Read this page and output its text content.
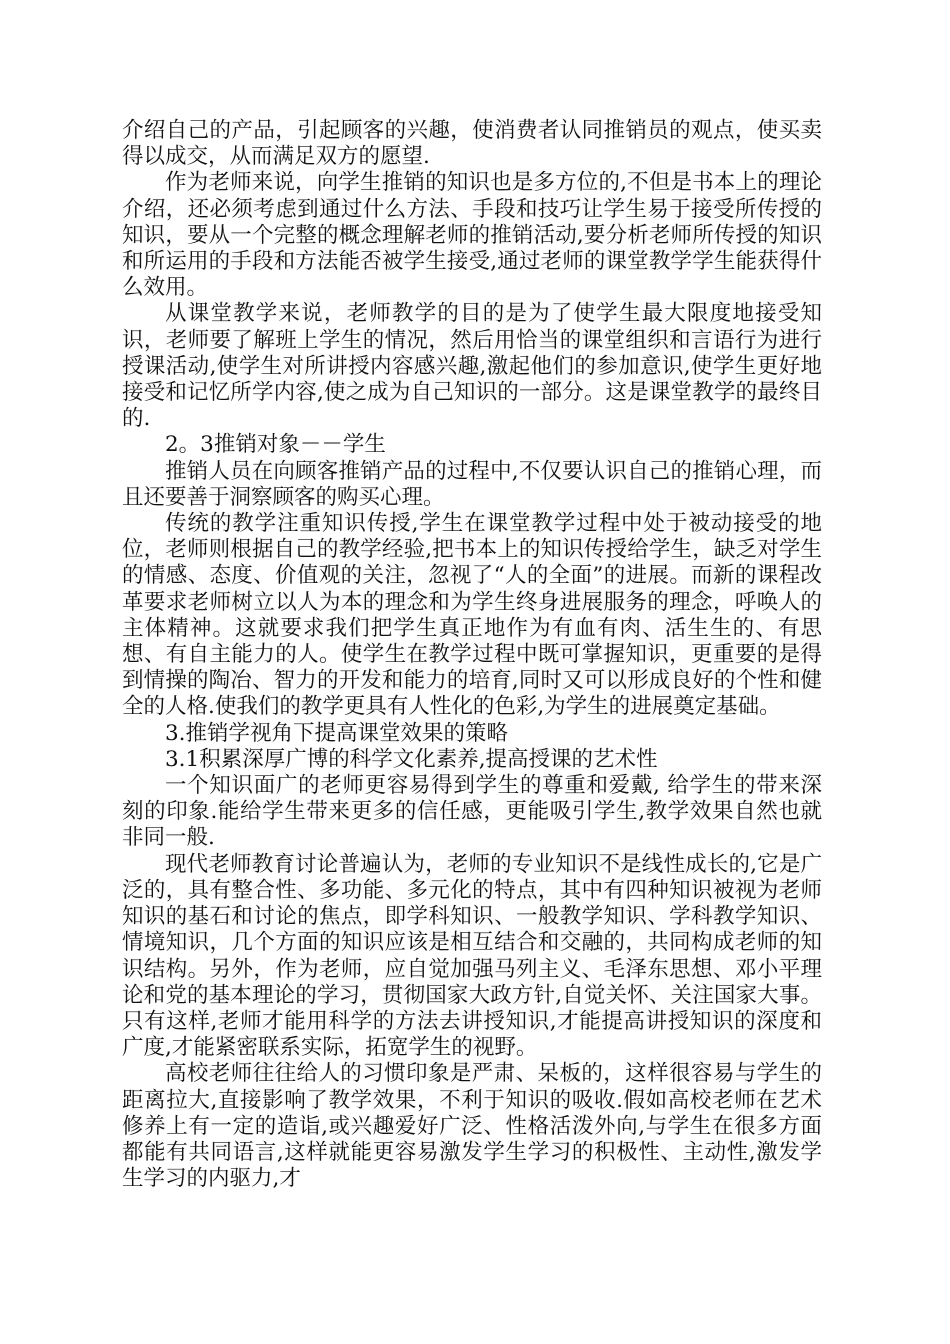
介绍自己的产品，引起顾客的兴趣，使消费者认同推销员的观点，使买卖得以成交，从而满足双方的愿望.

作为老师来说，向学生推销的知识也是多方位的,不但是书本上的理论介绍，还必须考虑到通过什么方法、手段和技巧让学生易于接受所传授的知识，要从一个完整的概念理解老师的推销活动,要分析老师所传授的知识和所运用的手段和方法能否被学生接受,通过老师的课堂教学学生能获得什么效用。

从课堂教学来说，老师教学的目的是为了使学生最大限度地接受知识，老师要了解班上学生的情况，然后用恰当的课堂组织和言语行为进行授课活动,使学生对所讲授内容感兴趣,激起他们的参加意识,使学生更好地接受和记忆所学内容,使之成为自己知识的一部分。这是课堂教学的最终目的.

2。3推销对象－－学生

推销人员在向顾客推销产品的过程中,不仅要认识自己的推销心理，而且还要善于洞察顾客的购买心理。

传统的教学注重知识传授,学生在课堂教学过程中处于被动接受的地位，老师则根据自己的教学经验,把书本上的知识传授给学生，缺乏对学生的情感、态度、价值观的关注，忽视了“人的全面”的进展。而新的课程改革要求老师树立以人为本的理念和为学生终身进展服务的理念，呼唤人的主体精神。这就要求我们把学生真正地作为有血有肉、活生生的、有思想、有自主能力的人。使学生在教学过程中既可掌握知识，更重要的是得到情操的陶冶、智力的开发和能力的培育,同时又可以形成良好的个性和健全的人格.使我们的教学更具有人性化的色彩,为学生的进展奠定基础。

3.推销学视角下提高课堂效果的策略

3.1积累深厚广博的科学文化素养,提高授课的艺术性

一个知识面广的老师更容易得到学生的尊重和爱戴, 给学生的带来深刻的印象.能给学生带来更多的信任感，更能吸引学生,教学效果自然也就非同一般.

现代老师教育讨论普遍认为，老师的专业知识不是线性成长的,它是广泛的，具有整合性、多功能、多元化的特点，其中有四种知识被视为老师知识的基石和讨论的焦点，即学科知识、一般教学知识、学科教学知识、情境知识，几个方面的知识应该是相互结合和交融的，共同构成老师的知识结构。另外，作为老师，应自觉加强马列主义、毛泽东思想、邓小平理论和党的基本理论的学习，贯彻国家大政方针,自觉关怀、关注国家大事。只有这样,老师才能用科学的方法去讲授知识,才能提高讲授知识的深度和广度,才能紧密联系实际，拓宽学生的视野。

高校老师往往给人的习惯印象是严肃、呆板的，这样很容易与学生的距离拉大,直接影响了教学效果，不利于知识的吸收.假如高校老师在艺术修养上有一定的造诣,或兴趣爱好广泛、性格活泼外向,与学生在很多方面都能有共同语言,这样就能更容易激发学生学习的积极性、主动性,激发学生学习的内驱力,才
